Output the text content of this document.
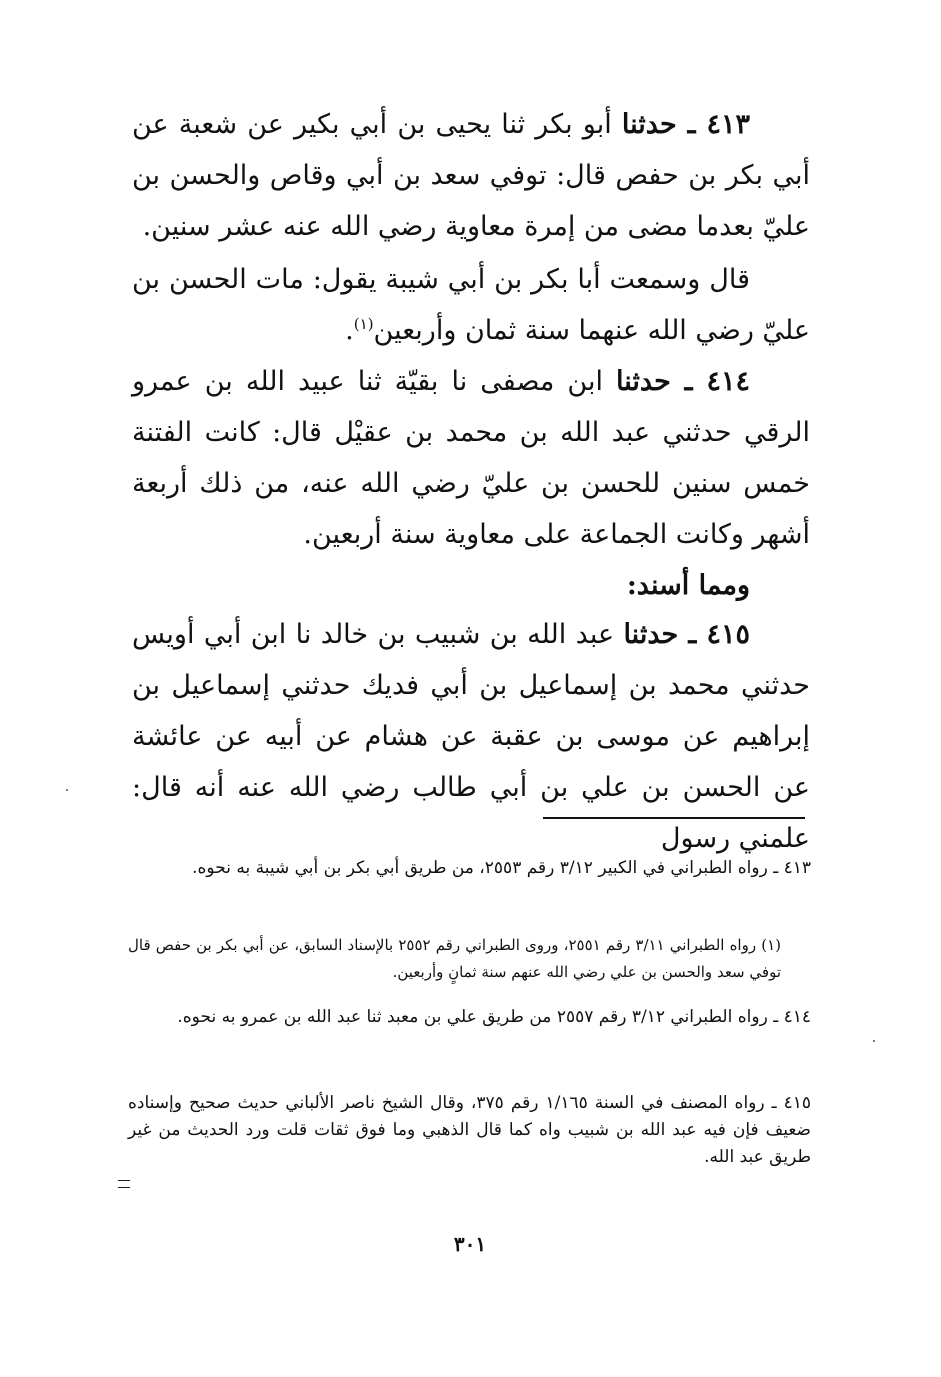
٤١٣ ـ حدثنا أبو بكر ثنا يحيى بن أبي بكير عن شعبة عن أبي بكر بن حفص قال: توفي سعد بن أبي وقاص والحسن بن عليّ بعدما مضى من إمرة معاوية رضي الله عنه عشر سنين.

قال وسمعت أبا بكر بن أبي شيبة يقول: مات الحسن بن عليّ رضي الله عنهما سنة ثمان وأربعين$^{(١)}$.

٤١٤ ـ حدثنا ابن مصفى نا بقيّة ثنا عبيد الله بن عمرو الرقي حدثني عبد الله بن محمد بن عقيْل قال: كانت الفتنة خمس سنين للحسن بن عليّ رضي الله عنه، من ذلك أربعة أشهر وكانت الجماعة على معاوية سنة أربعين.

ومما أسند:

٤١٥ ـ حدثنا عبد الله بن شبيب بن خالد نا ابن أبي أويس حدثني محمد بن إسماعيل بن أبي فديك حدثني إسماعيل بن إبراهيم عن موسى بن عقبة عن هشام عن أبيه عن عائشة عن الحسن بن علي بن أبي طالب رضي الله عنه أنه قال: علمني رسول

٤١٣ ـ رواه الطبراني في الكبير ٣/١٢ رقم ٢٥٥٣، من طريق أبي بكر بن أبي شيبة به نحوه.

(١) رواه الطبراني ٣/١١ رقم ٢٥٥١، وروى الطبراني رقم ٢٥٥٢ بالإسناد السابق، عن أبي بكر بن حفص قال توفي سعد والحسن بن علي رضي الله عنهم سنة ثمانٍ وأربعين.

٤١٤ ـ رواه الطبراني ٣/١٢ رقم ٢٥٥٧ من طريق علي بن معبد ثنا عبد الله بن عمرو به نحوه.

٤١٥ ـ رواه المصنف في السنة ١/١٦٥ رقم ٣٧٥، وقال الشيخ ناصر الألباني حديث صحيح وإسناده ضعيف فإن فيه عبد الله بن شبيب واه كما قال الذهبي وما فوق ثقات قلت ورد الحديث من غير طريق عبد الله.

٣٠١
